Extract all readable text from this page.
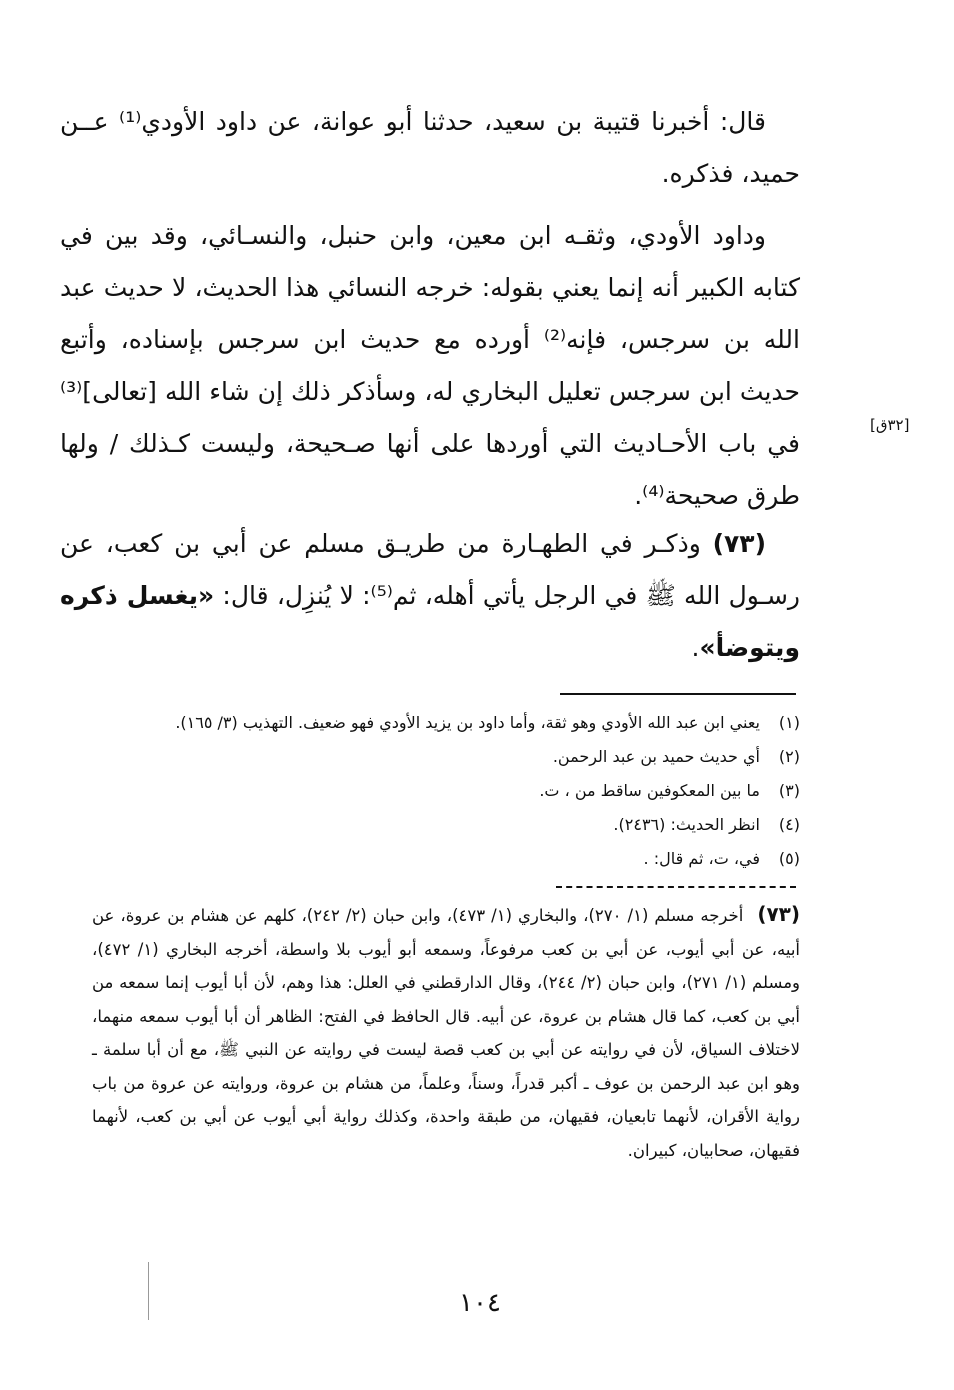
قال: أخبرنا قتيبة بن سعيد، حدثنا أبو عوانة، عن داود الأودي⁽¹⁾ عــن حميد، فذكره.

وداود الأودي، وثقـه ابن معين، وابن حنبل، والنسـائي، وقد بين في كتابه الكبير أنه إنما يعني بقوله: خرجه النسائي هذا الحديث، لا حديث عبد الله بن سرجس، فإنه⁽²⁾ أورده مع حديث ابن سرجس بإسناده، وأتبع حديث ابن سرجس تعليل البخاري له، وسأذكر ذلك إن شاء الله [تعالى]⁽³⁾ في باب الأحـاديث التي أوردها على أنها صـحيحة، وليست كـذلك / ولها طرق صحيحة⁽⁴⁾.

(٧٣) وذكـر في الطهـارة من طريـق مسلم عن أبي بن كعب، عن رسـول الله ﷺ في الرجل يأتي أهله، ثم⁽⁵⁾: لا يُنزِل، قال: «يغسل ذكره ويتوضأ».

[٣٢ق]
(١)يعني ابن عبد الله الأودي وهو ثقة، وأما داود بن يزيد الأودي فهو ضعيف. التهذيب (٣/ ١٦٥).
(٢)أي حديث حميد بن عبد الرحمن.
(٣)ما بين المعكوفين ساقط من ، ت.
(٤)انظر الحديث: (٢٤٣٦).
(٥)في، ت، ثم قال: .

(٧٣)أخرجه مسلم (١/ ٢٧٠)، والبخاري (١/ ٤٧٣)، وابن حبان (٢/ ٢٤٢)، كلهم عن هشام بن عروة، عن أبيه، عن أبي أيوب، عن أبي بن كعب مرفوعاً، وسمعه أبو أيوب بلا واسطة، أخرجه البخاري (١/ ٤٧٢)، ومسلم (١/ ٢٧١)، وابن حبان (٢/ ٢٤٤)، وقال الدارقطني في العلل: هذا وهم، لأن أبا أيوب إنما سمعه من أبي بن كعب، كما قال هشام بن عروة، عن أبيه. قال الحافظ في الفتح: الظاهر أن أبا أيوب سمعه منهما، لاختلاف السياق، لأن في روايته عن أبي بن كعب قصة ليست في روايته عن النبي ﷺ، مع أن أبا سلمة ـ وهو ابن عبد الرحمن بن عوف ـ أكبر قدراً، وسناً، وعلماً، من هشام بن عروة، وروايته عن عروة من باب رواية الأقران، لأنهما تابعيان، فقيهان، من طبقة واحدة، وكذلك رواية أبي أيوب عن أبي بن كعب، لأنهما فقيهان، صحابيان، كبيران.

١٠٤
